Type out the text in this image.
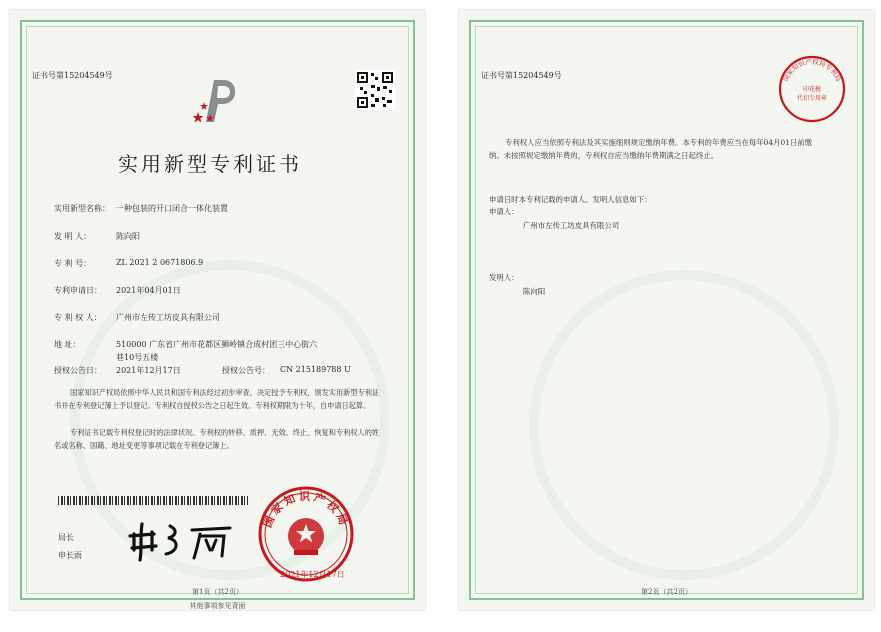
证书号第15204549号
实用新型专利证书
实用新型名称： 一种包装的开口闭合一体化装置
发 明 人：	陈向阳
专 利 号：	ZL 2021 2 0671806.9
专利申请日： 2021年04月01日
专 利 权 人： 广州市左传工坊皮具有限公司
地 址：	510000 广东省广州市花都区狮岭镇合成村团三中心街六
巷10号五楼
授权公告日： 2021年12月17日	授权公告号： CN 215189788 U
国家知识产权局依照中华人民共和国专利法经过初步审查，决定授予专利权，颁发实用新型专利证书并在专利登记簿上予以登记。专利权自授权公告之日起生效。专利权期限为十年，自申请日起算。
专利证书记载专利权登记时的法律状况。专利权的转移、质押、无效、终止、恢复和专利权人的姓名或名称、国籍、地址变更等事项记载在专利登记簿上。
局长
申长雨
国家知识产权局
2021年12月17日
第1页（共2页）
其他事项参见背面
证书号第15204549号	国家知识产权局专利局
印花税
代扣专用章
专利权人应当依照专利法及其实施细则规定缴纳年费。本专利的年费应当在每年04月01日前缴纳。未按照规定缴纳年费的，专利权自应当缴纳年费期满之日起终止。
申请日时本专利记载的申请人、发明人信息如下：
申请人：
广州市左传工坊皮具有限公司
发明人：
陈向阳
第2页（共2页）
